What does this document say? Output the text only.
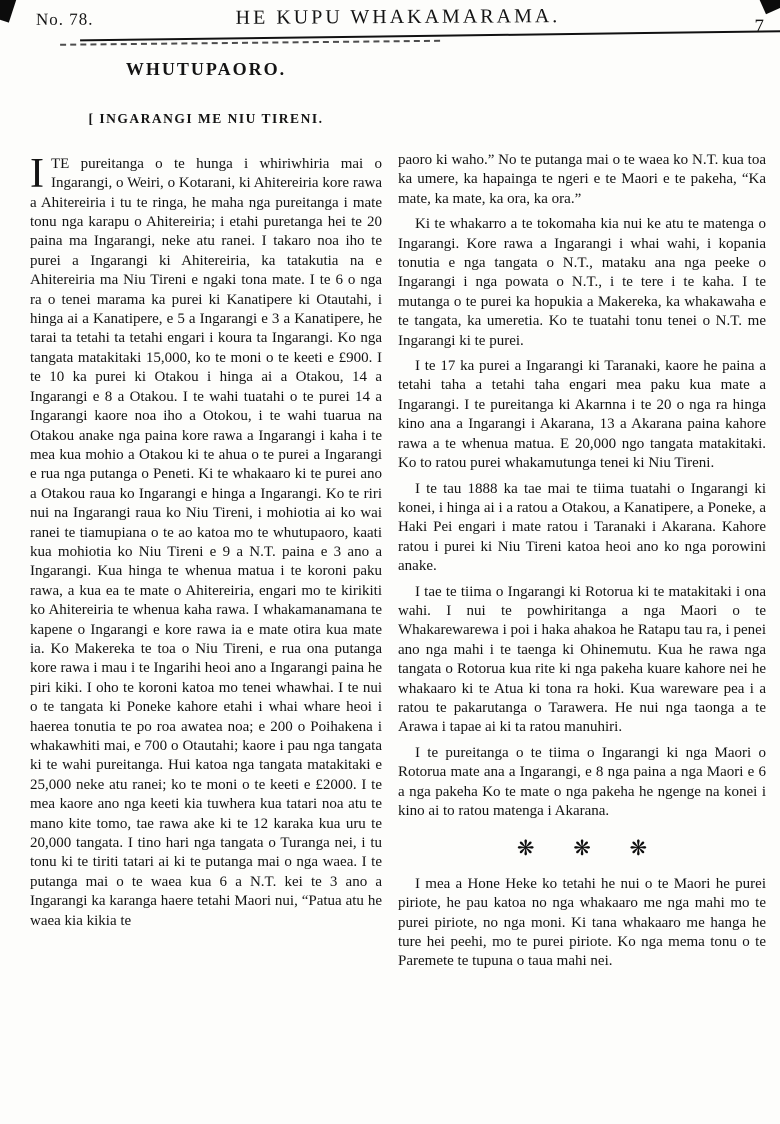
No. 78.	HE KUPU WHAKAMARAMA.	7
WHUTUPAORO.
[ INGARANGI ME NIU TIRENI.

ITE pureitanga o te hunga i whiriwhiria mai o Ingarangi, o Weiri, o Kotarani, ki Ahitereiria kore rawa a Ahitereiria i tu te ringa, he maha nga pureitanga i mate tonu nga karapu o Ahitereiria; i etahi puretanga hei te 20 paina ma Ingarangi, neke atu ranei. I takaro noa iho te purei a Ingarangi ki Ahitereiria, ka tatakutia na e Ahitereiria ma Niu Tireni e ngaki tona mate. I te 6 o nga ra o tenei marama ka purei ki Kanatipere ki Otautahi, i hinga ai a Kanatipere, e 5 a Ingarangi e 3 a Kanatipere, he tarai ta tetahi ta tetahi engari i koura ta Ingarangi. Ko nga tangata matakitaki 15,000, ko te moni o te keeti e £900. I te 10 ka purei ki Otakou i hinga ai a Otakou, 14 a Ingarangi e 8 a Otakou. I te wahi tuatahi o te purei 14 a Ingarangi kaore noa iho a Otokou, i te wahi tuarua na Otakou anake nga paina kore rawa a Ingarangi i kaha i te mea kua mohio a Otakou ki te ahua o te purei a Ingarangi e rua nga putanga o Peneti. Ki te whakaaro ki te purei ano a Otakou raua ko Ingarangi e hinga a Ingarangi. Ko te riri nui na Ingarangi raua ko Niu Tireni, i mohiotia ai ko wai ranei te tiamupiana o te ao katoa mo te whutupaoro, kaati kua mohiotia ko Niu Tireni e 9 a N.T. paina e 3 ano a Ingarangi. Kua hinga te whenua matua i te koroni paku rawa, a kua ea te mate o Ahitereiria, engari mo te kirikiti ko Ahitereiria te whenua kaha rawa. I whakamanamana te kapene o Ingarangi e kore rawa ia e mate otira kua mate ia. Ko Makereka te toa o Niu Tireni, e rua ona putanga kore rawa i mau i te Ingarihi heoi ano a Ingarangi paina he piri kiki. I oho te koroni katoa mo tenei whawhai. I te nui o te tangata ki Poneke kahore etahi i whai whare heoi i haerea tonutia te po roa awatea noa; e 200 o Poihakena i whakawhiti mai, e 700 o Otautahi; kaore i pau nga tangata ki te wahi pureitanga. Hui katoa nga tangata matakitaki e 25,000 neke atu ranei; ko te moni o te keeti e £2000. I te mea kaore ano nga keeti kia tuwhera kua tatari noa atu te mano kite tomo, tae rawa ake ki te 12 karaka kua uru te 20,000 tangata. I tino hari nga tangata o Turanga nei, i tu tonu ki te tiriti tatari ai ki te putanga mai o nga waea. I te putanga mai o te waea kua 6 a N.T. kei te 3 ano a Ingarangi ka karanga haere tetahi Maori nui, “Patua atu he waea kia kikia te

paoro ki waho.” No te putanga mai o te waea ko N.T. kua toa ka umere, ka hapainga te ngeri e te Maori e te pakeha, “Ka mate, ka mate, ka ora, ka ora.”

Ki te whakarro a te tokomaha kia nui ke atu te matenga o Ingarangi. Kore rawa a Ingarangi i whai wahi, i kopania tonutia e nga tangata o N.T., mataku ana nga peeke o Ingarangi i nga powata o N.T., i te tere i te kaha. I te mutanga o te purei ka hopukia a Makereka, ka whakawaha e te tangata, ka umeretia. Ko te tuatahi tonu tenei o N.T. me Ingarangi ki te purei.

I te 17 ka purei a Ingarangi ki Taranaki, kaore he paina a tetahi taha a tetahi taha engari mea paku kua mate a Ingarangi. I te pureitanga ki Akarnna i te 20 o nga ra hinga kino ana a Ingarangi i Akarana, 13 a Akarana paina kahore rawa a te whenua matua. E 20,000 ngo tangata matakitaki. Ko to ratou purei whakamutunga tenei ki Niu Tireni.

I te tau 1888 ka tae mai te tiima tuatahi o Ingarangi ki konei, i hinga ai i a ratou a Otakou, a Kanatipere, a Poneke, a Haki Pei engari i mate ratou i Taranaki i Akarana. Kahore ratou i purei ki Niu Tireni katoa heoi ano ko nga porowini anake.

I tae te tiima o Ingarangi ki Rotorua ki te matakitaki i ona wahi. I nui te powhiritanga a nga Maori o te Whakarewarewa i poi i haka ahakoa he Ratapu tau ra, i penei ano nga mahi i te taenga ki Ohinemutu. Kua he rawa nga tangata o Rotorua kua rite ki nga pakeha kuare kahore nei he whakaaro ki te Atua ki tona ra hoki. Kua wareware pea i a ratou te pakarutanga o Tarawera. He nui nga taonga a te Arawa i tapae ai ki ta ratou manuhiri.

I te pureitanga o te tiima o Ingarangi ki nga Maori o Rotorua mate ana a Ingarangi, e 8 nga paina a nga Maori e 6 a nga pakeha Ko te mate o nga pakeha he ngenge na konei i kino ai to ratou matenga i Akarana.

❋ ❋ ❋

I mea a Hone Heke ko tetahi he nui o te Maori he purei piriote, he pau katoa no nga whakaaro me nga mahi mo te purei piriote, no nga moni. Ki tana whakaaro me hanga he ture hei peehi, mo te purei piriote. Ko nga mema tonu o te Paremete te tupuna o taua mahi nei.
